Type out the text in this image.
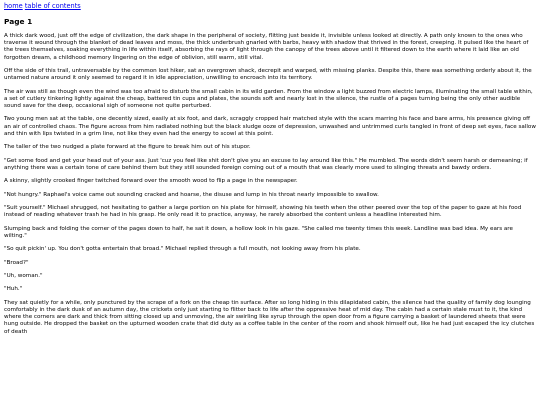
home table of contents
Page 1

A thick dark wood, just off the edge of civilization, the dark shape in the peripheral of society, flitting just beside it, invisible unless looked at directly. A path only known to the ones who traverse it wound through the blanket of dead leaves and moss, the thick underbrush gnarled with barbs, heavy with shadow that thrived in the forest, creeping. It pulsed like the heart of the trees themselves, soaking everything in life within itself, absorbing the rays of light through the canopy of the trees above until it filtered down to the earth where it laid like an old forgotten dream, a childhood memory lingering on the edge of oblivion, still warm, still vital.

Off the side of this trail, untraversable by the common lost hiker, sat an overgrown shack, decrepit and warped, with missing planks. Despite this, there was something orderly about it, the untamed nature around it only seemed to regard it in idle appreciation, unwilling to encroach into its territory.

The air was still as though even the wind was too afraid to disturb the small cabin in its wild garden. From the window a light buzzed from electric lamps, illuminating the small table within, a set of cutlery tinkering lightly against the cheap, battered tin cups and plates, the sounds soft and nearly lost in the silence, the rustle of a pages turning being the only other audible sound save for the deep, occasional sigh of someone not quite perturbed.

Two young men sat at the table, one decently sized, easily at six foot, and dark, scraggly cropped hair matched style with the scars marring his face and bare arms, his presence giving off an air of controlled chaos. The figure across from him radiated nothing but the black sludge ooze of depression, unwashed and untrimmed curls tangled in front of deep set eyes, face sallow and thin with lips twisted in a grim line, not like they even had the energy to scowl at this point.

The taller of the two nudged a plate forward at the figure to break him out of his stupor.

"Get some food and get your head out of your ass. Just 'cuz you feel like shit don't give you an excuse to lay around like this." He mumbled. The words didn't seem harsh or demeaning; if anything there was a certain tone of care behind them but they still sounded foreign coming out of a mouth that was clearly more used to slinging threats and bawdy orders.

A skinny, slightly crooked finger twitched forward over the smooth wood to flip a page in the newspaper.

"Not hungry." Raphael's voice came out sounding cracked and hoarse, the disuse and lump in his throat nearly impossible to swallow.

"Suit yourself." Michael shrugged, not hesitating to gather a large portion on his plate for himself, showing his teeth when the other peered over the top of the paper to gaze at his food instead of reading whatever trash he had in his grasp. He only read it to practice, anyway, he rarely absorbed the content unless a headline interested him.

Slumping back and folding the corner of the pages down to half, he sat it down, a hollow look in his gaze. "She called me twenty times this week. Landline was bad idea. My ears are wilting."

"So quit pickin' up. You don't gotta entertain that broad." Michael replied through a full mouth, not looking away from his plate.

"Broad?"

"Uh, woman."

"Huh."

They sat quietly for a while, only punctured by the scrape of a fork on the cheap tin surface. After so long hiding in this dilapidated cabin, the silence had the quality of family dog lounging comfortably in the dark dusk of an autumn day, the crickets only just starting to flitter back to life after the oppressive heat of mid day. The cabin had a certain stale must to it, the kind where the corners are dark and thick from sitting closed up and unmoving, the air swirling like syrup through the open door from a figure carrying a basket of laundered sheets that were hung outside. He dropped the basket on the upturned wooden crate that did duty as a coffee table in the center of the room and shook himself out, like he had just escaped the icy clutches of death
